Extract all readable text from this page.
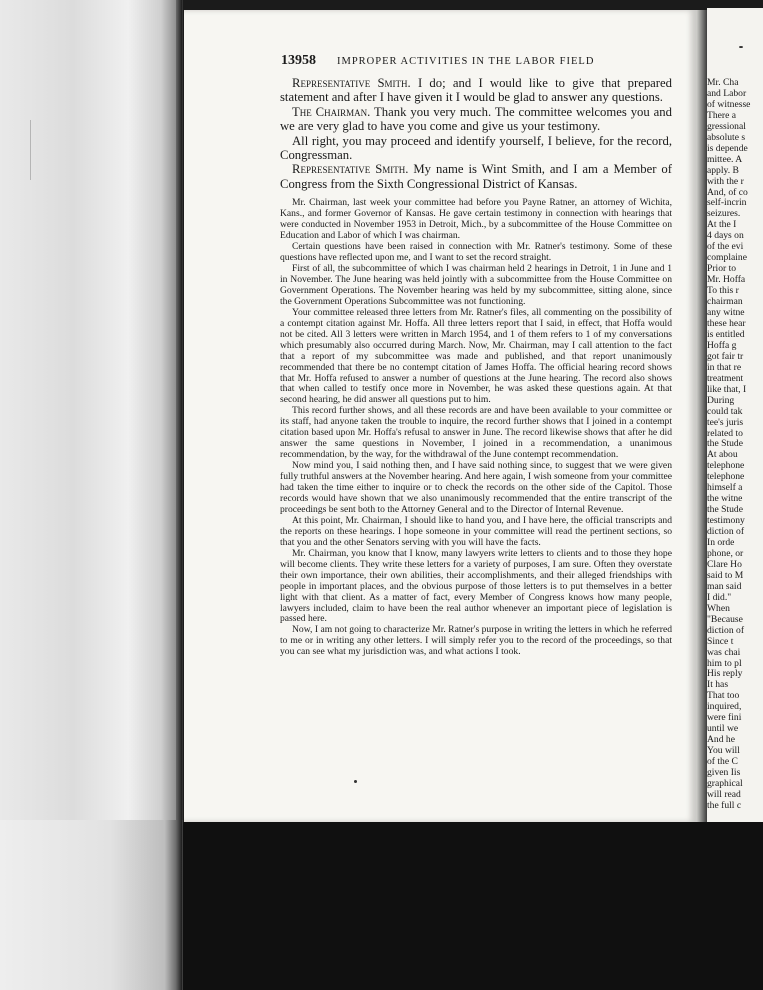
13958 IMPROPER ACTIVITIES IN THE LABOR FIELD

Representative Smith. I do; and I would like to give that prepared statement and after I have given it I would be glad to answer any questions.

The Chairman. Thank you very much. The committee welcomes you and we are very glad to have you come and give us your testimony.

All right, you may proceed and identify yourself, I believe, for the record, Congressman.

Representative Smith. My name is Wint Smith, and I am a Member of Congress from the Sixth Congressional District of Kansas.

Mr. Chairman, last week your committee had before you Payne Ratner, an attorney of Wichita, Kans., and former Governor of Kansas. He gave certain testimony in connection with hearings that were conducted in November 1953 in Detroit, Mich., by a subcommittee of the House Committee on Education and Labor of which I was chairman.

Certain questions have been raised in connection with Mr. Ratner's testimony. Some of these questions have reflected upon me, and I want to set the record straight.

First of all, the subcommittee of which I was chairman held 2 hearings in Detroit, 1 in June and 1 in November. The June hearing was held jointly with a subcommittee from the House Committee on Government Operations. The November hearing was held by my subcommittee, sitting alone, since the Government Operations Subcommittee was not functioning.

Your committee released three letters from Mr. Ratner's files, all commenting on the possibility of a contempt citation against Mr. Hoffa. All three letters report that I said, in effect, that Hoffa would not be cited. All 3 letters were written in March 1954, and 1 of them refers to 1 of my conversations which presumably also occurred during March. Now, Mr. Chairman, may I call attention to the fact that a report of my subcommittee was made and published, and that report unanimously recommended that there be no contempt citation of James Hoffa. The official hearing record shows that Mr. Hoffa refused to answer a number of questions at the June hearing. The record also shows that when called to testify once more in November, he was asked these questions again. At that second hearing, he did answer all questions put to him.

This record further shows, and all these records are and have been available to your committee or its staff, had anyone taken the trouble to inquire, the record further shows that I joined in a contempt citation based upon Mr. Hoffa's refusal to answer in June. The record likewise shows that after he did answer the same questions in November, I joined in a recommendation, a unanimous recommendation, by the way, for the withdrawal of the June contempt recommendation.

Now mind you, I said nothing then, and I have said nothing since, to suggest that we were given fully truthful answers at the November hearing. And here again, I wish someone from your committee had taken the time either to inquire or to check the records on the other side of the Capitol. Those records would have shown that we also unanimously recommended that the entire transcript of the proceedings be sent both to the Attorney General and to the Director of Internal Revenue.

At this point, Mr. Chairman, I should like to hand you, and I have here, the official transcripts and the reports on these hearings. I hope someone in your committee will read the pertinent sections, so that you and the other Senators serving with you will have the facts.

Mr. Chairman, you know that I know, many lawyers write letters to clients and to those they hope will become clients. They write these letters for a variety of purposes, I am sure. Often they overstate their own importance, their own abilities, their accomplishments, and their alleged friendships with people in important places, and the obvious purpose of those letters is to put themselves in a better light with that client. As a matter of fact, every Member of Congress knows how many people, lawyers included, claim to have been the real author whenever an important piece of legislation is passed here.

Now, I am not going to characterize Mr. Ratner's purpose in writing the letters in which he referred to me or in writing any other letters. I will simply refer you to the record of the proceedings, so that you can see what my jurisdiction was, and what actions I took.

Mr. Cha

and Labor

of witnesse

There a

gressional

absolute s

is depende

mittee. A

apply. B

with the r

And, of co

self-incrin

seizures.

At the I

4 days on

of the evi

complaine

Prior to

Mr. Hoffa

To this r

chairman

any witne

these hear

is entitled

Hoffa g

got fair tr

in that re

treatment

like that, I

During

could tak

tee's juris

related to

the Stude

At abou

telephone

telephone

himself a

the witne

the Stude

testimony

diction of

In orde

phone, or

Clare Ho

said to M

man said

I did."

When

"Because

diction of

Since t

was chai

him to pl

His reply

It has

That too

inquired,

were fini

until we

And he

You will

of the C

given Iis

graphical

will read

the full c
